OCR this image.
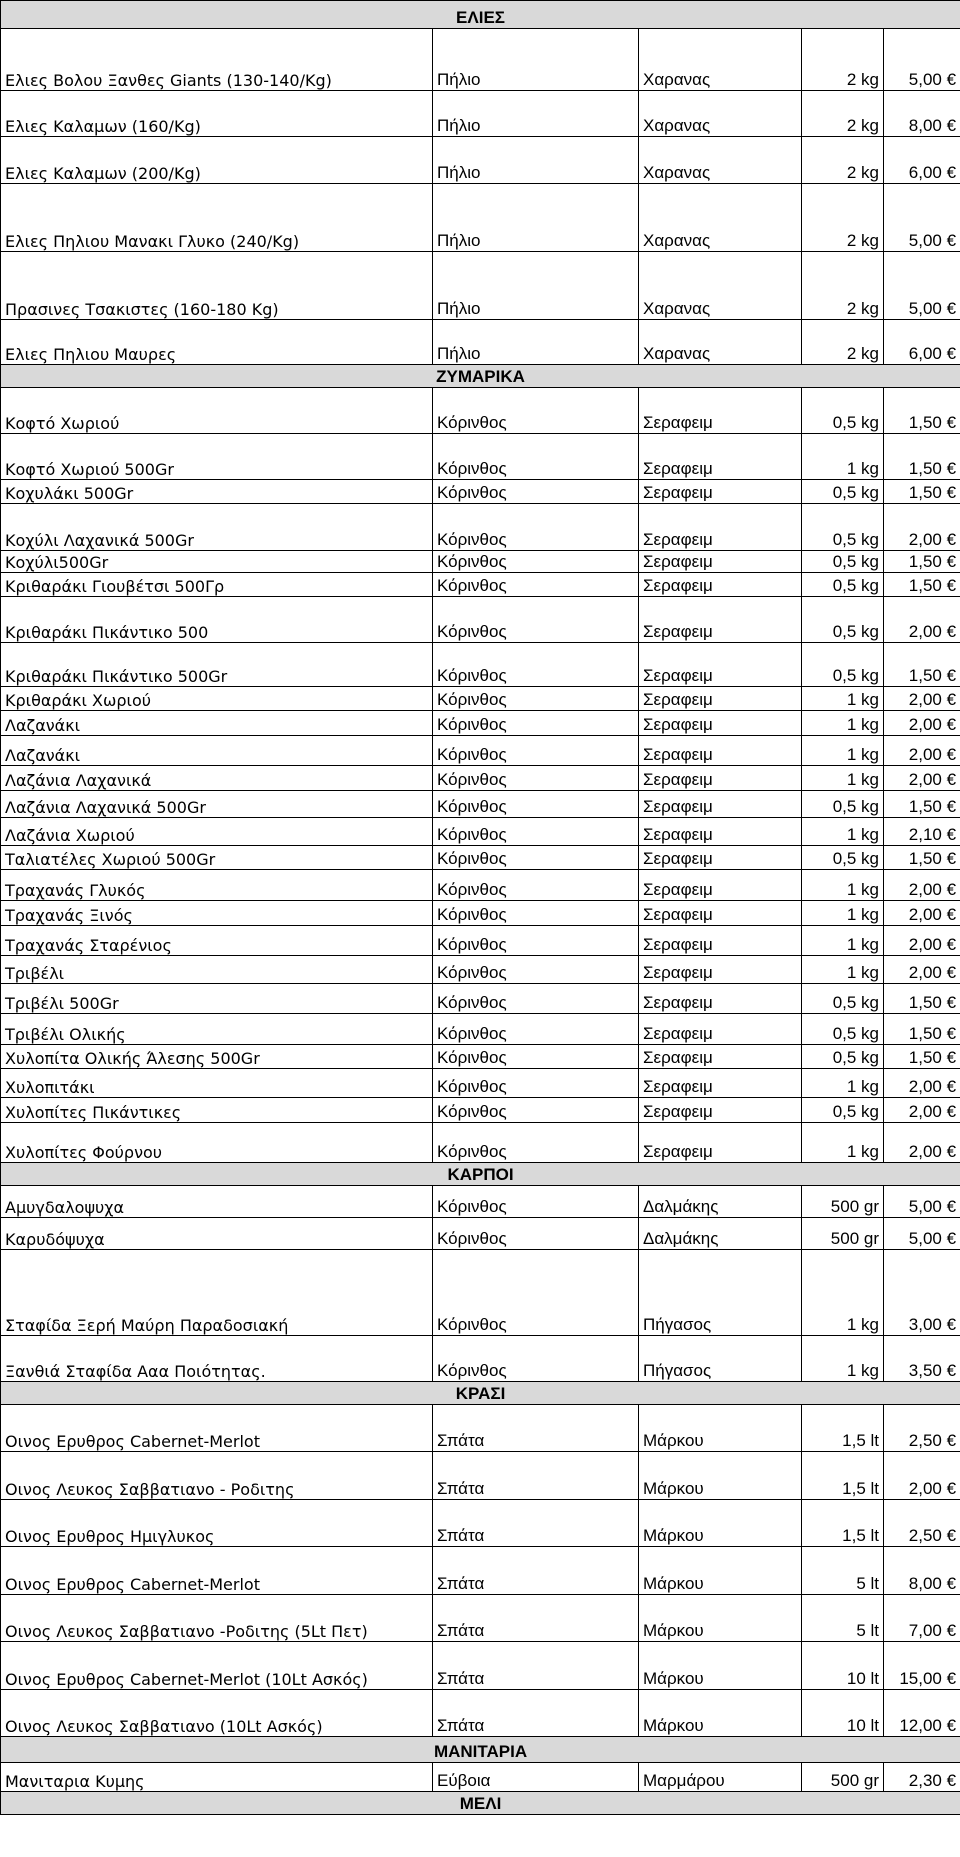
ΕΛΙΕΣ				
Ελιες Βολου Ξανθες Giants (130-140/Kg)	Πήλιο	Χαρανας	2 kg	5,00 €
Ελιες Καλαμων (160/Kg)	Πήλιο	Χαρανας	2 kg	8,00 €
Ελιες Καλαμων (200/Kg)	Πήλιο	Χαρανας	2 kg	6,00 €
Ελιες Πηλιου Μανακι Γλυκο (240/Kg)	Πήλιο	Χαρανας	2 kg	5,00 €
Πρασινες Τσακιστες (160-180 Kg)	Πήλιο	Χαρανας	2 kg	5,00 €
Ελιες Πηλιου Μαυρες	Πήλιο	Χαρανας	2 kg	6,00 €
ΖΥΜΑΡΙΚΑ				
Κοφτό Χωριού	Κόρινθος	Σεραφειμ	0,5 kg	1,50 €
Κοφτό Χωριού 500Gr	Κόρινθος	Σεραφειμ	1 kg	1,50 €
Κοχυλάκι 500Gr	Κόρινθος	Σεραφειμ	0,5 kg	1,50 €
Κοχύλι Λαχανικά 500Gr	Κόρινθος	Σεραφειμ	0,5 kg	2,00 €
Κοχύλι500Gr	Κόρινθος	Σεραφειμ	0,5 kg	1,50 €
Κριθαράκι Γιουβέτσι 500Γρ	Κόρινθος	Σεραφειμ	0,5 kg	1,50 €
Κριθαράκι Πικάντικο 500	Κόρινθος	Σεραφειμ	0,5 kg	2,00 €
Κριθαράκι Πικάντικο 500Gr	Κόρινθος	Σεραφειμ	0,5 kg	1,50 €
Κριθαράκι Χωριού	Κόρινθος	Σεραφειμ	1 kg	2,00 €
Λαζανάκι	Κόρινθος	Σεραφειμ	1 kg	2,00 €
Λαζανάκι	Κόρινθος	Σεραφειμ	1 kg	2,00 €
Λαζάνια Λαχανικά	Κόρινθος	Σεραφειμ	1 kg	2,00 €
Λαζάνια Λαχανικά 500Gr	Κόρινθος	Σεραφειμ	0,5 kg	1,50 €
Λαζάνια Χωριού	Κόρινθος	Σεραφειμ	1 kg	2,10 €
Ταλιατέλες Χωριού 500Gr	Κόρινθος	Σεραφειμ	0,5 kg	1,50 €
Τραχανάς Γλυκός	Κόρινθος	Σεραφειμ	1 kg	2,00 €
Τραχανάς Ξινός	Κόρινθος	Σεραφειμ	1 kg	2,00 €
Τραχανάς Σταρένιος	Κόρινθος	Σεραφειμ	1 kg	2,00 €
Τριβέλι	Κόρινθος	Σεραφειμ	1 kg	2,00 €
Τριβέλι 500Gr	Κόρινθος	Σεραφειμ	0,5 kg	1,50 €
Τριβέλι Ολικής	Κόρινθος	Σεραφειμ	0,5 kg	1,50 €
Χυλοπίτα Ολικής Άλεσης 500Gr	Κόρινθος	Σεραφειμ	0,5 kg	1,50 €
Χυλοπιτάκι	Κόρινθος	Σεραφειμ	1 kg	2,00 €
Χυλοπίτες Πικάντικες	Κόρινθος	Σεραφειμ	0,5 kg	2,00 €
Χυλοπίτες Φούρνου	Κόρινθος	Σεραφειμ	1 kg	2,00 €
ΚΑΡΠΟΙ				
Αμυγδαλοψυχα	Κόρινθος	Δαλμάκης	500 gr	5,00 €
Καρυδόψυχα	Κόρινθος	Δαλμάκης	500 gr	5,00 €
Σταφίδα Ξερή Μαύρη Παραδοσιακή	Κόρινθος	Πήγασος	1 kg	3,00 €
Ξανθιά Σταφίδα Ααα Ποιότητας.	Κόρινθος	Πήγασος	1 kg	3,50 €
ΚΡΑΣΙ				
Οινος Ερυθρος Cabernet-Merlot	Σπάτα	Μάρκου	1,5 lt	2,50 €
Οινος Λευκος Σαββατιανο - Ροδιτης	Σπάτα	Μάρκου	1,5 lt	2,00 €
Οινος Ερυθρος Ημιγλυκος	Σπάτα	Μάρκου	1,5 lt	2,50 €
Οινος Ερυθρος Cabernet-Merlot	Σπάτα	Μάρκου	5 lt	8,00 €
Οινος Λευκος Σαββατιανο -Ροδιτης (5Lt Πετ)	Σπάτα	Μάρκου	5 lt	7,00 €
Οινος Ερυθρος Cabernet-Merlot (10Lt Ασκός)	Σπάτα	Μάρκου	10 lt	15,00 €
Οινος Λευκος Σαββατιανο (10Lt Ασκός)	Σπάτα	Μάρκου	10 lt	12,00 €
ΜΑΝΙΤΑΡΙΑ				
Μανιταρια Κυμης	Εύβοια	Μαρμάρου	500 gr	2,30 €
ΜΕΛΙ				
